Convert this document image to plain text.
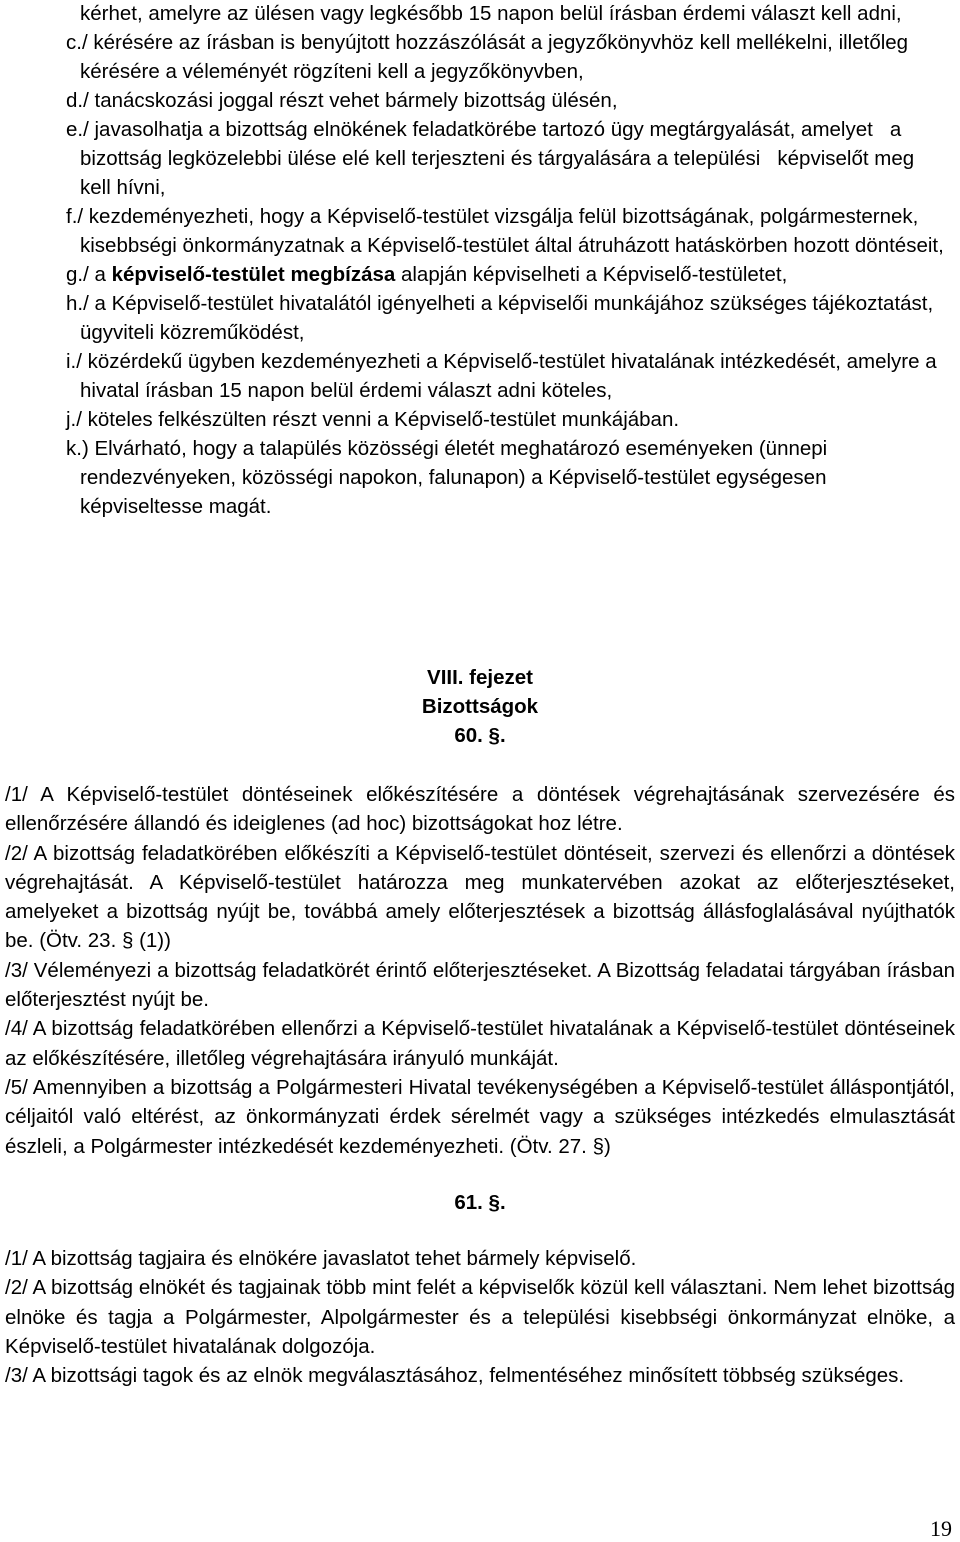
kérhet, amelyre az ülésen vagy legkésőbb 15 napon belül írásban érdemi választ kell adni,
c./ kérésére az írásban is benyújtott hozzászólását a jegyzőkönyvhöz kell mellékelni, illetőleg kérésére a véleményét rögzíteni kell a jegyzőkönyvben,
d./ tanácskozási joggal részt vehet bármely bizottság ülésén,
e./ javasolhatja a bizottság elnökének feladatkörébe tartozó ügy megtárgyalását, amelyet   a bizottság legközelebbi ülése elé kell terjeszteni és tárgyalására a települési   képviselőt meg kell hívni,
f./ kezdeményezheti, hogy a Képviselő-testület vizsgálja felül bizottságának, polgármesternek, kisebbségi önkormányzatnak a Képviselő-testület által átruházott hatáskörben hozott döntéseit,
g./ a képviselő-testület megbízása alapján képviselheti a Képviselő-testületet,
h./ a Képviselő-testület hivatalától igényelheti a képviselői munkájához szükséges tájékoztatást, ügyviteli közreműködést,
i./ közérdekű ügyben kezdeményezheti a Képviselő-testület hivatalának intézkedését, amelyre a hivatal írásban 15 napon belül érdemi választ adni köteles,
j./ köteles felkészülten részt venni a Képviselő-testület munkájában.
k.) Elvárható, hogy a talapülés közösségi életét meghatározó eseményeken (ünnepi rendezvényeken, közösségi napokon, falunapon) a Képviselő-testület egységesen képviseltesse magát.
VIII. fejezet
Bizottságok
60. §.

/1/ A Képviselő-testület döntéseinek előkészítésére a döntések végrehajtásának szervezésére és ellenőrzésére állandó és ideiglenes (ad hoc) bizottságokat hoz létre.

/2/ A bizottság feladatkörében előkészíti a Képviselő-testület döntéseit, szervezi és ellenőrzi a döntések végrehajtását. A Képviselő-testület határozza meg munkatervében azokat az előterjesztéseket, amelyeket a bizottság nyújt be, továbbá amely előterjesztések a bizottság állásfoglalásával nyújthatók be. (Ötv. 23. § (1))

/3/ Véleményezi a bizottság feladatkörét érintő előterjesztéseket. A Bizottság feladatai tárgyában írásban előterjesztést nyújt be.

/4/ A bizottság feladatkörében ellenőrzi a Képviselő-testület hivatalának a Képviselő-testület döntéseinek az előkészítésére, illetőleg végrehajtására irányuló munkáját.

/5/ Amennyiben a bizottság a Polgármesteri Hivatal tevékenységében a Képviselő-testület álláspontjától, céljaitól való eltérést, az önkormányzati érdek sérelmét vagy a szükséges intézkedés elmulasztását észleli, a Polgármester intézkedését kezdeményezheti. (Ötv. 27. §)

61. §.

/1/ A bizottság tagjaira és elnökére javaslatot tehet bármely képviselő.

/2/ A bizottság elnökét és tagjainak több mint felét a képviselők közül kell választani. Nem lehet bizottság elnöke és tagja a Polgármester, Alpolgármester és a települési kisebbségi önkormányzat elnöke, a Képviselő-testület hivatalának dolgozója.

/3/ A bizottsági tagok és az elnök megválasztásához, felmentéséhez minősített többség szükséges.

19
